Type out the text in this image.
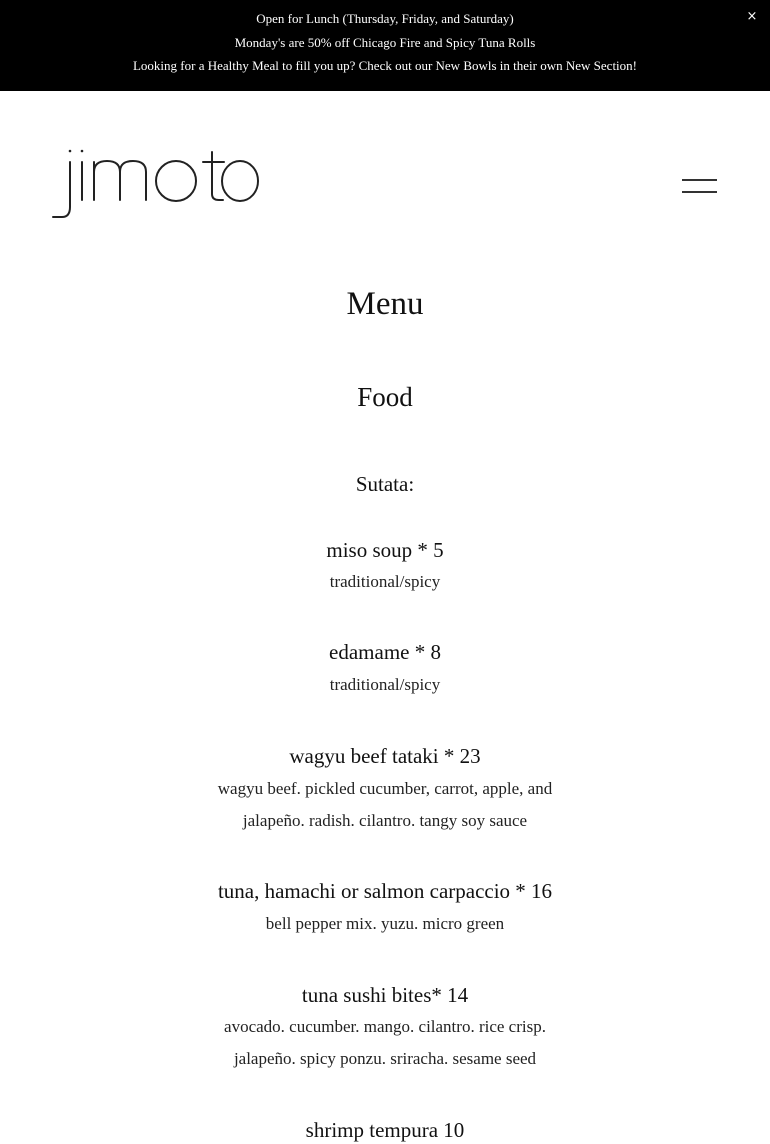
Open for Lunch (Thursday, Friday, and Saturday)
Monday's are 50% off Chicago Fire and Spicy Tuna Rolls
Looking for a Healthy Meal to fill you up? Check out our New Bowls in their own New Section!
×
jimoto
Menu
Food
Sutata:
miso soup * 5
traditional/spicy
edamame * 8
traditional/spicy
wagyu beef tataki * 23
wagyu beef. pickled cucumber, carrot, apple, and
jalapeño. radish. cilantro. tangy soy sauce
tuna, hamachi or salmon carpaccio * 16
bell pepper mix. yuzu. micro green
tuna sushi bites* 14
avocado. cucumber. mango. cilantro. rice crisp.
jalapeño. spicy ponzu. sriracha. sesame seed
shrimp tempura 10
